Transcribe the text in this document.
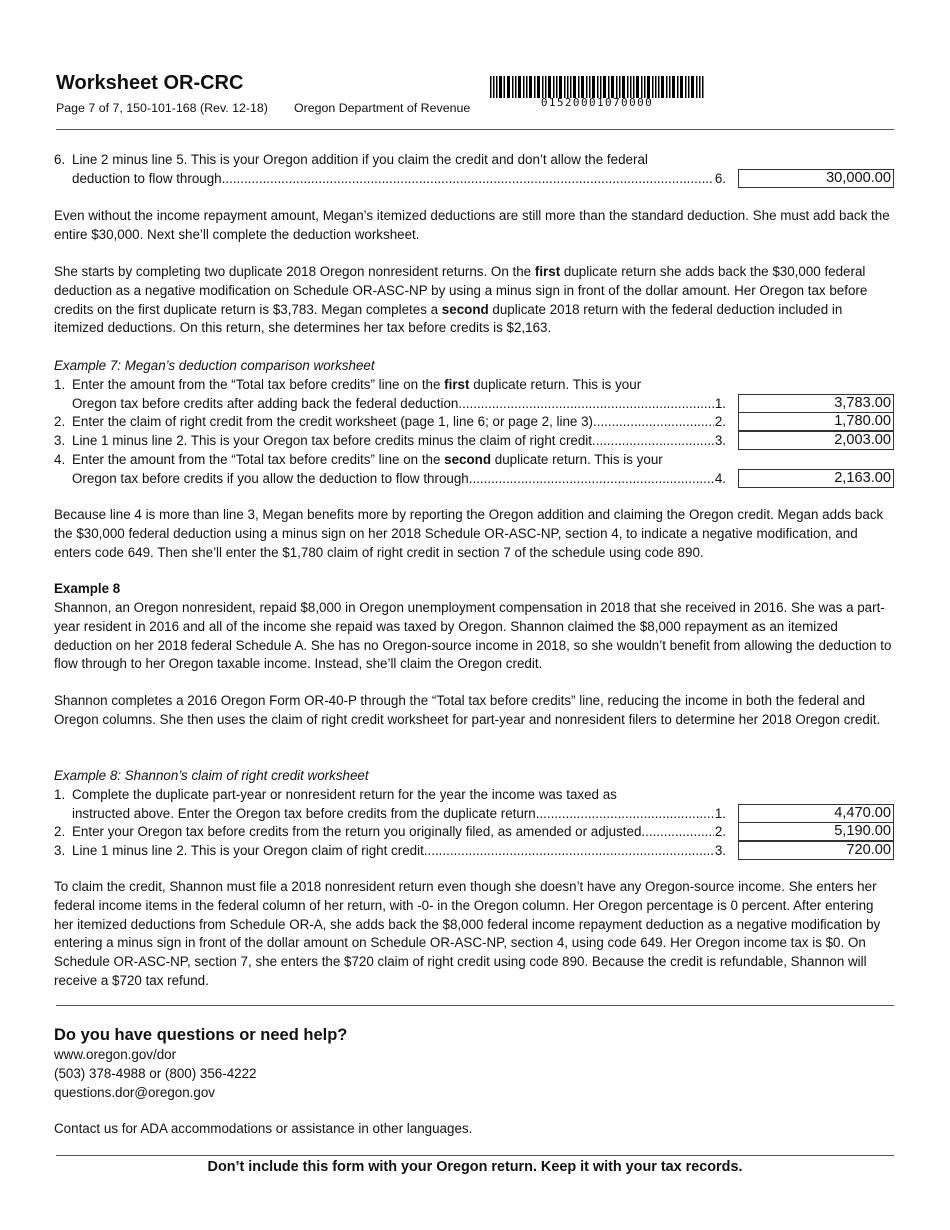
Worksheet OR-CRC
Page 7 of 7, 150-101-168 (Rev. 12-18) Oregon Department of Revenue	01520001070000
6. Line 2 minus line 5. This is your Oregon addition if you claim the credit and don’t allow the federal
deduction to flow through .....	6.	30,000.00

Even without the income repayment amount, Megan’s itemized deductions are still more than the standard deduction. She must add back the entire $30,000. Next she’ll complete the deduction worksheet.

She starts by completing two duplicate 2018 Oregon nonresident returns. On the first duplicate return she adds back the $30,000 federal deduction as a negative modification on Schedule OR-ASC-NP by using a minus sign in front of the dollar amount. Her Oregon tax before credits on the first duplicate return is $3,783. Megan completes a second duplicate 2018 return with the federal deduction included in itemized deductions. On this return, she determines her tax before credits is $2,163.

Example 7: Megan’s deduction comparison worksheet
1. Enter the amount from the “Total tax before credits” line on the first duplicate return. This is your
Oregon tax before credits after adding back the federal deduction .....	1.	3,783.00
2. Enter the claim of right credit from the credit worksheet (page 1, line 6; or page 2, line 3) .....	2.	1,780.00
3. Line 1 minus line 2. This is your Oregon tax before credits minus the claim of right credit .....	3.	2,003.00
4. Enter the amount from the “Total tax before credits” line on the second duplicate return. This is your
Oregon tax before credits if you allow the deduction to flow through .....	4.	2,163.00

Because line 4 is more than line 3, Megan benefits more by reporting the Oregon addition and claiming the Oregon credit. Megan adds back the $30,000 federal deduction using a minus sign on her 2018 Schedule OR-ASC-NP, section 4, to indicate a negative modification, and enters code 649. Then she’ll enter the $1,780 claim of right credit in section 7 of the schedule using code 890.

Example 8

Shannon, an Oregon nonresident, repaid $8,000 in Oregon unemployment compensation in 2018 that she received in 2016. She was a part-year resident in 2016 and all of the income she repaid was taxed by Oregon. Shannon claimed the $8,000 repayment as an itemized deduction on her 2018 federal Schedule A. She has no Oregon-source income in 2018, so she wouldn’t benefit from allowing the deduction to flow through to her Oregon taxable income. Instead, she’ll claim the Oregon credit.

Shannon completes a 2016 Oregon Form OR-40-P through the “Total tax before credits” line, reducing the income in both the federal and Oregon columns. She then uses the claim of right credit worksheet for part-year and nonresident filers to determine her 2018 Oregon credit.

Example 8: Shannon’s claim of right credit worksheet
1. Complete the duplicate part-year or nonresident return for the year the income was taxed as
instructed above. Enter the Oregon tax before credits from the duplicate return .....	1.	4,470.00
2. Enter your Oregon tax before credits from the return you originally filed, as amended or adjusted .....	2.	5,190.00
3. Line 1 minus line 2. This is your Oregon claim of right credit .....	3.	720.00

To claim the credit, Shannon must file a 2018 nonresident return even though she doesn’t have any Oregon-source income. She enters her federal income items in the federal column of her return, with -0- in the Oregon column. Her Oregon percentage is 0 percent. After entering her itemized deductions from Schedule OR-A, she adds back the $8,000 federal income repayment deduction as a negative modification by entering a minus sign in front of the dollar amount on Schedule OR-ASC-NP, section 4, using code 649. Her Oregon income tax is $0. On Schedule OR-ASC-NP, section 7, she enters the $720 claim of right credit using code 890. Because the credit is refundable, Shannon will receive a $720 tax refund.

Do you have questions or need help?
www.oregon.gov/dor
(503) 378-4988 or (800) 356-4222
questions.dor@oregon.gov
Contact us for ADA accommodations or assistance in other languages.
Don’t include this form with your Oregon return. Keep it with your tax records.
